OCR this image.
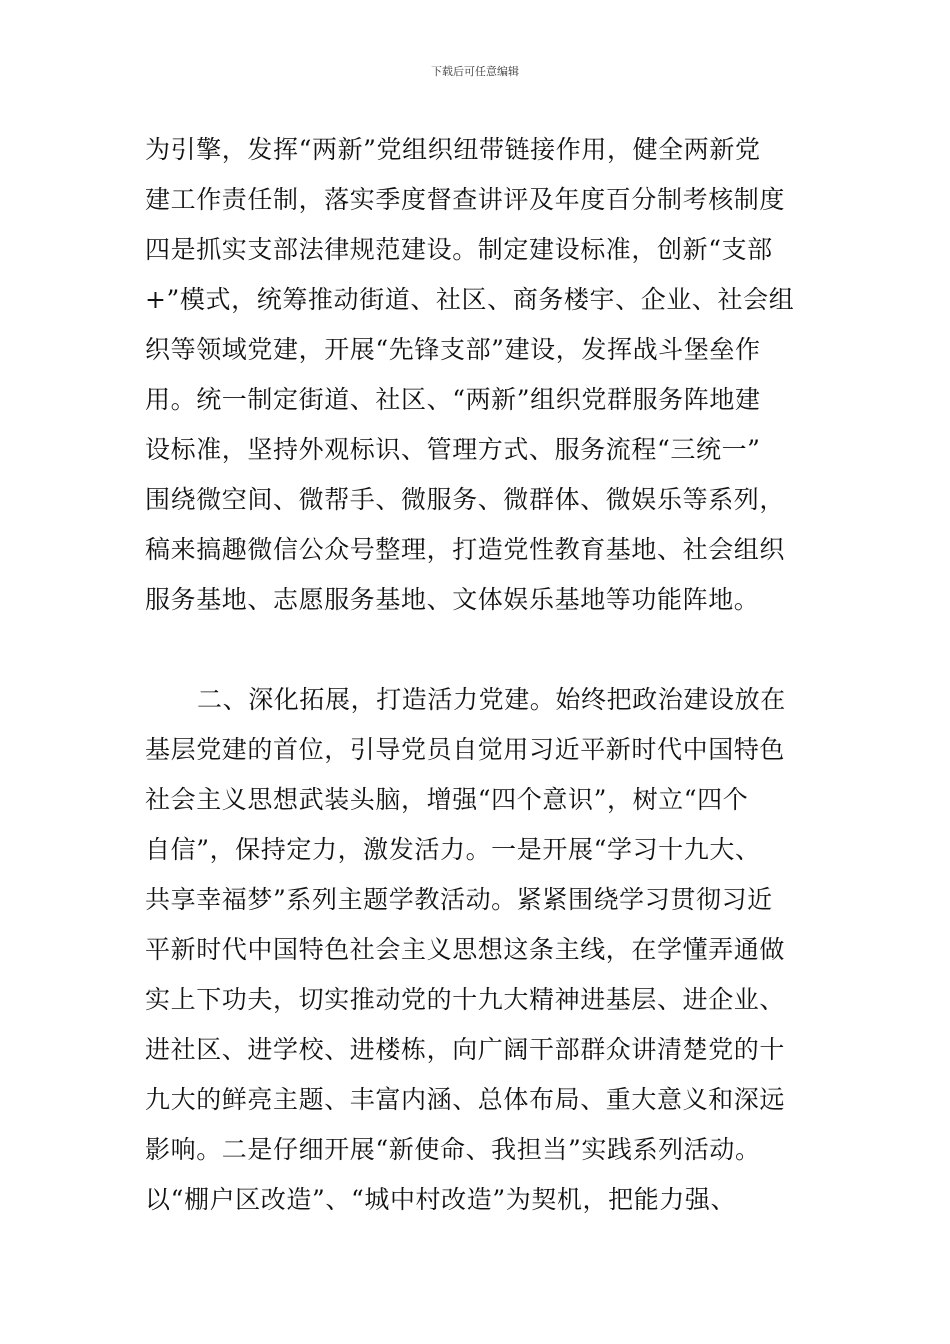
下载后可任意编辑
为引擎，发挥“两新”党组织纽带链接作用，健全两新党
建工作责任制，落实季度督查讲评及年度百分制考核制度
四是抓实支部法律规范建设。制定建设标准，创新“支部
+”模式，统筹推动街道、社区、商务楼宇、企业、社会组
织等领域党建，开展“先锋支部”建设，发挥战斗堡垒作
用。统一制定街道、社区、“两新”组织党群服务阵地建
设标准，坚持外观标识、管理方式、服务流程“三统一”
围绕微空间、微帮手、微服务、微群体、微娱乐等系列，
稿来搞趣微信公众号整理，打造党性教育基地、社会组织
服务基地、志愿服务基地、文体娱乐基地等功能阵地。
二、深化拓展，打造活力党建。始终把政治建设放在
基层党建的首位，引导党员自觉用习近平新时代中国特色
社会主义思想武装头脑，增强“四个意识”，树立“四个
自信”，保持定力，激发活力。一是开展“学习十九大、
共享幸福梦”系列主题学教活动。紧紧围绕学习贯彻习近
平新时代中国特色社会主义思想这条主线，在学懂弄通做
实上下功夫，切实推动党的十九大精神进基层、进企业、
进社区、进学校、进楼栋，向广阔干部群众讲清楚党的十
九大的鲜亮主题、丰富内涵、总体布局、重大意义和深远
影响。二是仔细开展“新使命、我担当”实践系列活动。
以“棚户区改造”、“城中村改造”为契机，把能力强、
